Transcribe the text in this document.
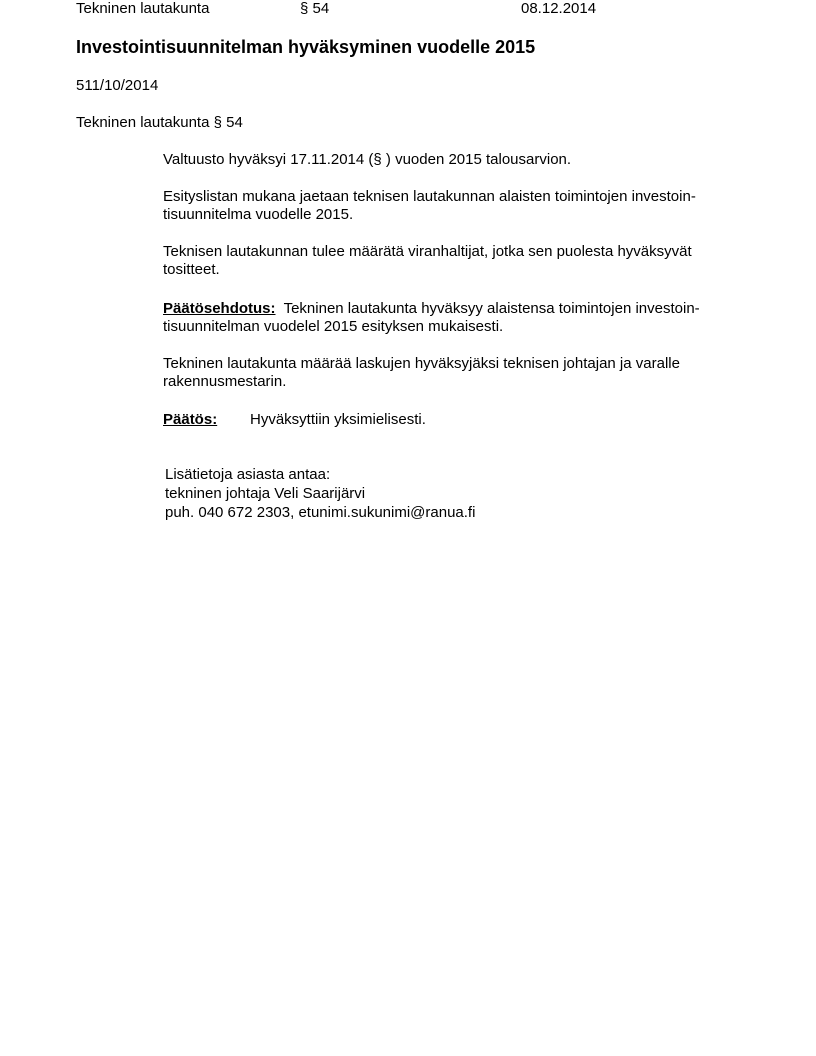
Tekninen lautakunta	§ 54	08.12.2014
Investointisuunnitelman hyväksyminen vuodelle 2015
511/10/2014
Tekninen lautakunta § 54

Valtuusto hyväksyi 17.11.2014 (§ ) vuoden 2015 talousarvion.

Esityslistan mukana jaetaan teknisen lautakunnan alaisten toimintojen investoin-

tisuunnitelma vuodelle 2015.

Teknisen lautakunnan tulee määrätä viranhaltijat, jotka sen puolesta hyväksyvät

tositteet.

Päätösehdotus: Tekninen lautakunta hyväksyy alaistensa toimintojen investoin-

tisuunnitelman vuodelel 2015 esityksen mukaisesti.

Tekninen lautakunta määrää laskujen hyväksyjäksi teknisen johtajan ja varalle

rakennusmestarin.

Päätös:	Hyväksyttiin yksimielisesti.
Lisätietoja asiasta antaa:
tekninen johtaja Veli Saarijärvi
puh. 040 672 2303, etunimi.sukunimi@ranua.fi
